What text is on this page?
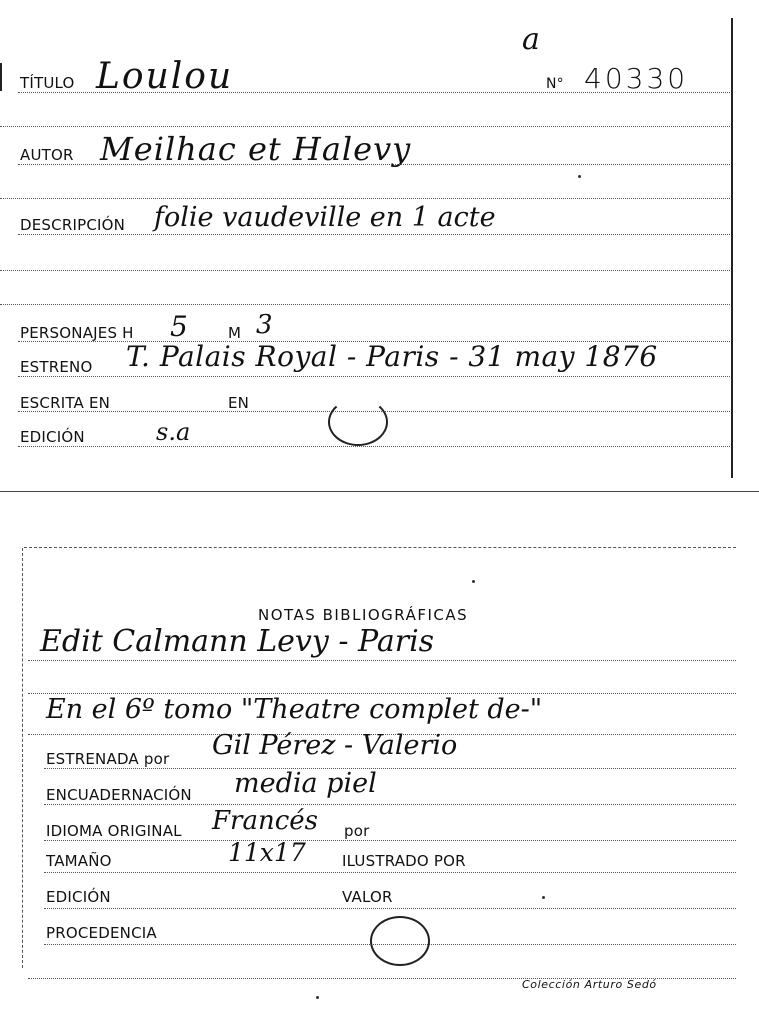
a
TÍTULO Loulou	N° 40330
AUTOR Meilhac et Halevy
DESCRIPCIÓN folie vaudeville en 1 acte
PERSONAJES H 5	M 3
ESTRENO T. Palais Royal - Paris - 31 may 1876
ESCRITA EN	EN
EDICIÓN	s.a
NOTAS BIBLIOGRÁFICAS
Edit Calmann Levy - Paris
En el 6º tomo "Theatre complet de-"
ESTRENADA por Gil Pérez - Valerio
ENCUADERNACIÓN media piel
IDIOMA ORIGINAL Francés por
TAMAÑO	11x17 ILUSTRADO POR
EDICIÓN	VALOR
PROCEDENCIA
Colección Arturo Sedó
